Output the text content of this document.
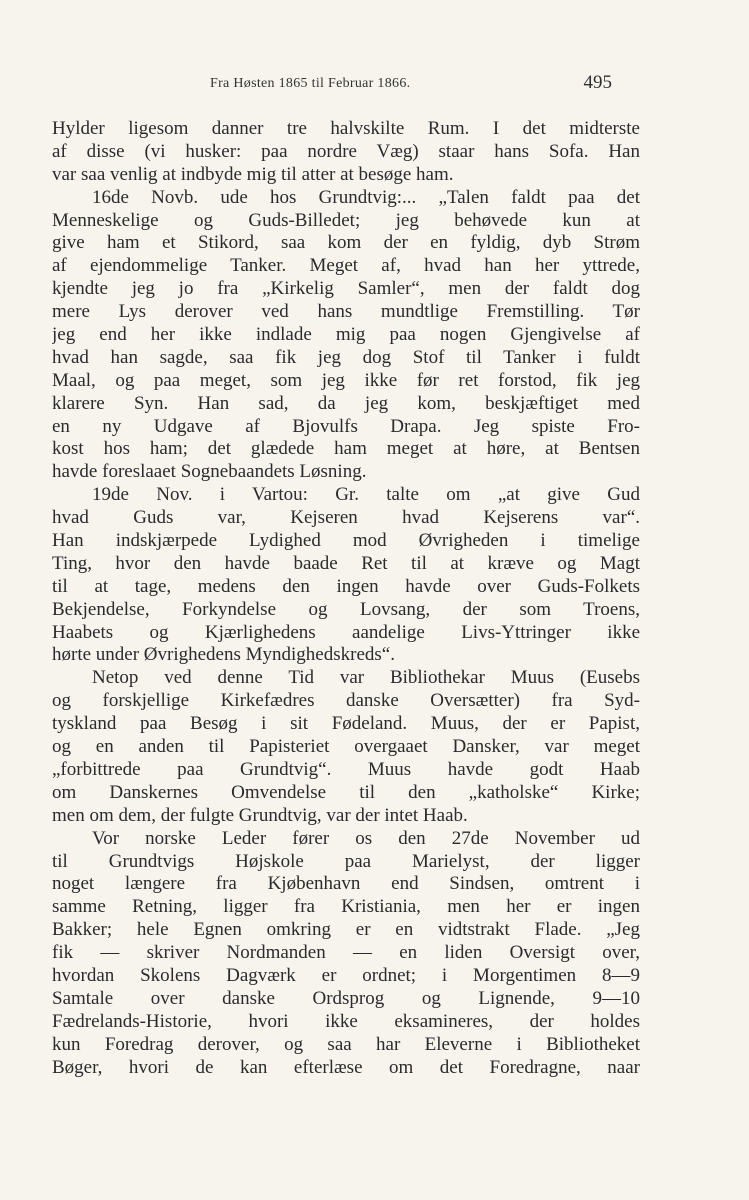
Fra Høsten 1865 til Februar 1866.	495
Hylder ligesom danner tre halvskilte Rum. I det midterste
af disse (vi husker: paa nordre Væg) staar hans Sofa. Han
var saa venlig at indbyde mig til atter at besøge ham.
16de Novb. ude hos Grundtvig:... „Talen faldt paa det
Menneskelige og Guds-Billedet; jeg behøvede kun at
give ham et Stikord, saa kom der en fyldig, dyb Strøm
af ejendommelige Tanker. Meget af, hvad han her yttrede,
kjendte jeg jo fra „Kirkelig Samler“, men der faldt dog
mere Lys derover ved hans mundtlige Fremstilling. Tør
jeg end her ikke indlade mig paa nogen Gjengivelse af
hvad han sagde, saa fik jeg dog Stof til Tanker i fuldt
Maal, og paa meget, som jeg ikke før ret forstod, fik jeg
klarere Syn. Han sad, da jeg kom, beskjæftiget med
en ny Udgave af Bjovulfs Drapa. Jeg spiste Fro-
kost hos ham; det glædede ham meget at høre, at Bentsen
havde foreslaaet Sognebaandets Løsning.
19de Nov. i Vartou: Gr. talte om „at give Gud
hvad Guds var, Kejseren hvad Kejserens var“.
Han indskjærpede Lydighed mod Øvrigheden i timelige
Ting, hvor den havde baade Ret til at kræve og Magt
til at tage, medens den ingen havde over Guds-Folkets
Bekjendelse, Forkyndelse og Lovsang, der som Troens,
Haabets og Kjærlighedens aandelige Livs-Yttringer ikke
hørte under Øvrighedens Myndighedskreds“.
Netop ved denne Tid var Bibliothekar Muus (Eusebs
og forskjellige Kirkefædres danske Oversætter) fra Syd-
tyskland paa Besøg i sit Fødeland. Muus, der er Papist,
og en anden til Papisteriet overgaaet Dansker, var meget
„forbittrede paa Grundtvig“. Muus havde godt Haab
om Danskernes Omvendelse til den „katholske“ Kirke;
men om dem, der fulgte Grundtvig, var der intet Haab.
Vor norske Leder fører os den 27de November ud
til Grundtvigs Højskole paa Marielyst, der ligger
noget længere fra Kjøbenhavn end Sindsen, omtrent i
samme Retning, ligger fra Kristiania, men her er ingen
Bakker; hele Egnen omkring er en vidtstrakt Flade. „Jeg
fik — skriver Nordmanden — en liden Oversigt over,
hvordan Skolens Dagværk er ordnet; i Morgentimen 8—9
Samtale over danske Ordsprog og Lignende, 9—10
Fædrelands-Historie, hvori ikke eksamineres, der holdes
kun Foredrag derover, og saa har Eleverne i Bibliotheket
Bøger, hvori de kan efterlæse om det Foredragne, naar
